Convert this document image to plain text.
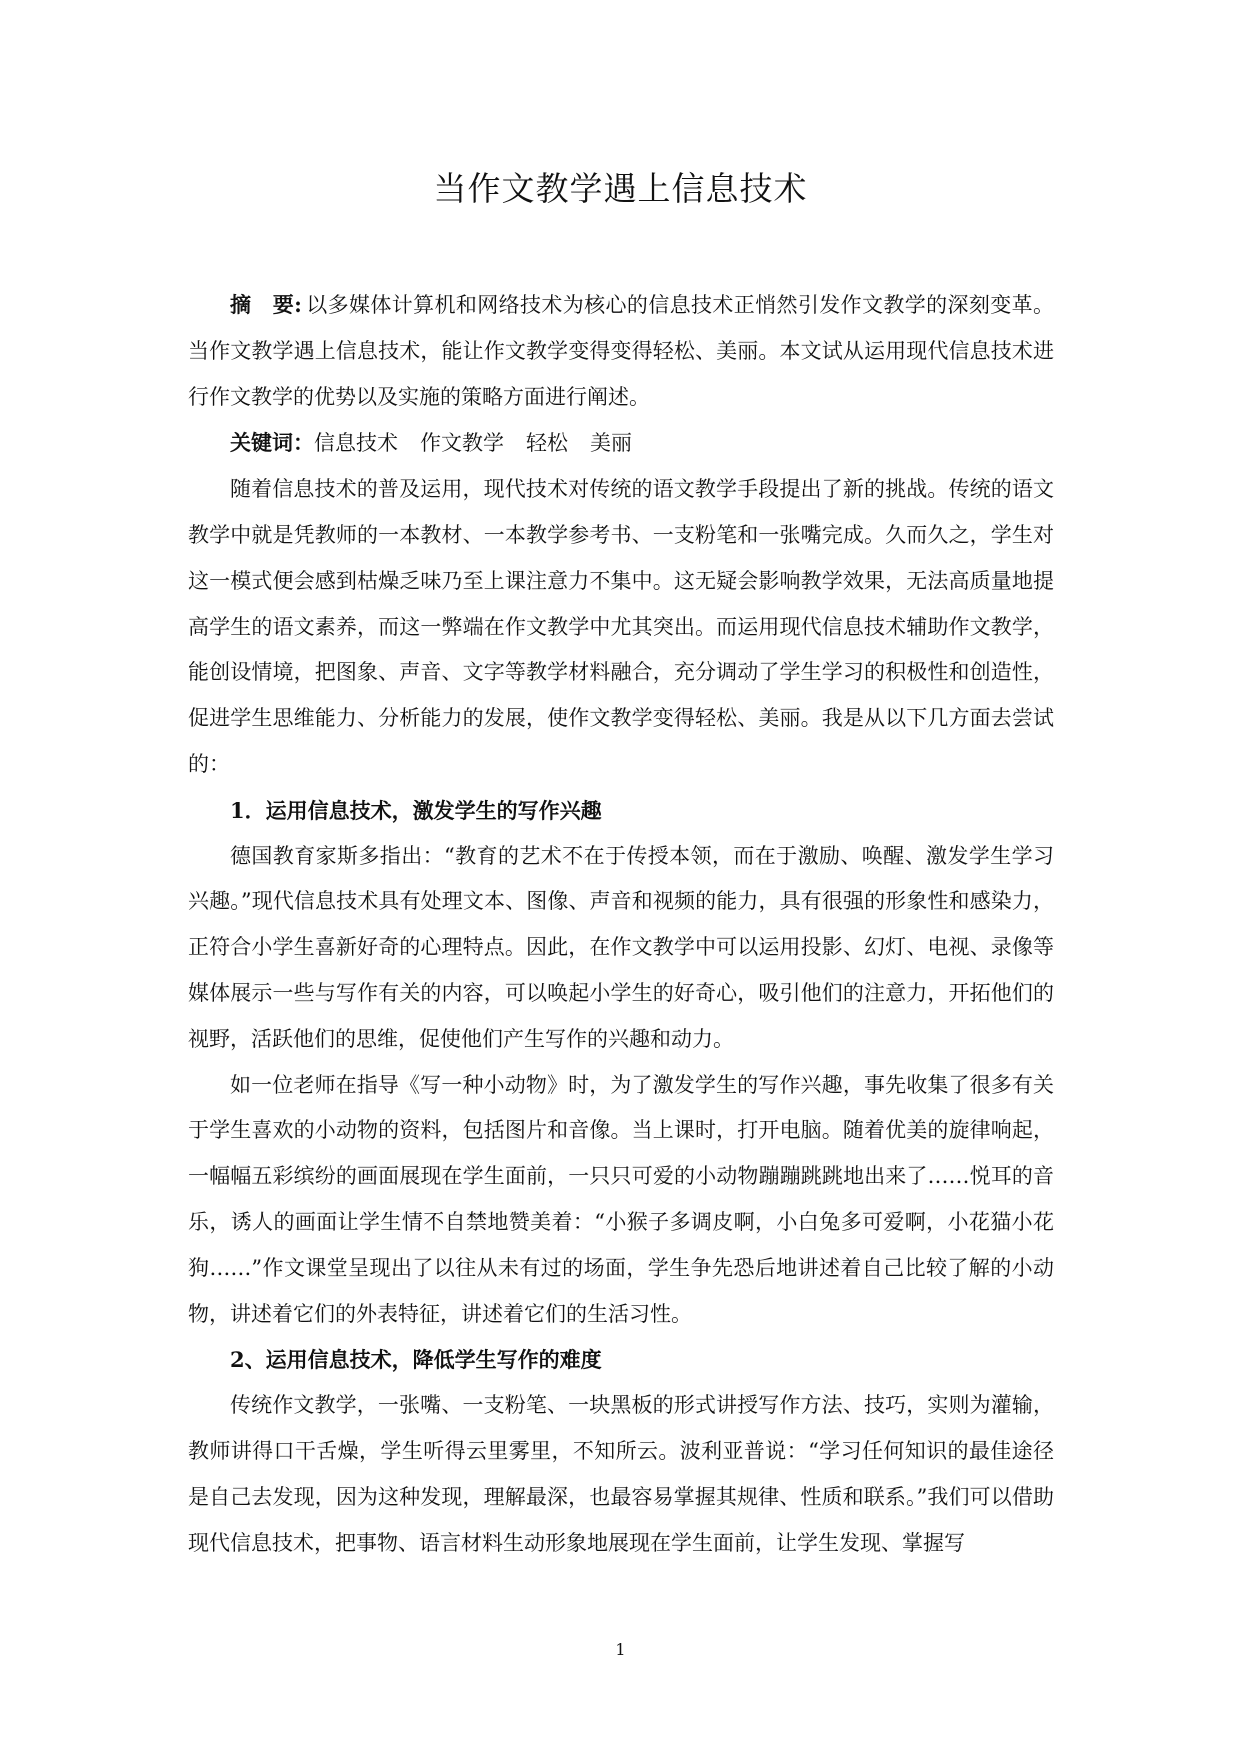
当作文教学遇上信息技术

摘　要: 以多媒体计算机和网络技术为核心的信息技术正悄然引发作文教学的深刻变革。当作文教学遇上信息技术，能让作文教学变得变得轻松、美丽。本文试从运用现代信息技术进行作文教学的优势以及实施的策略方面进行阐述。

关键词：信息技术 作文教学 轻松 美丽

随着信息技术的普及运用，现代技术对传统的语文教学手段提出了新的挑战。传统的语文教学中就是凭教师的一本教材、一本教学参考书、一支粉笔和一张嘴完成。久而久之，学生对这一模式便会感到枯燥乏味乃至上课注意力不集中。这无疑会影响教学效果，无法高质量地提高学生的语文素养，而这一弊端在作文教学中尤其突出。而运用现代信息技术辅助作文教学，能创设情境，把图象、声音、文字等教学材料融合，充分调动了学生学习的积极性和创造性，促进学生思维能力、分析能力的发展，使作文教学变得轻松、美丽。我是从以下几方面去尝试的：

1．运用信息技术，激发学生的写作兴趣

德国教育家斯多指出：“教育的艺术不在于传授本领，而在于激励、唤醒、激发学生学习兴趣。”现代信息技术具有处理文本、图像、声音和视频的能力，具有很强的形象性和感染力，正符合小学生喜新好奇的心理特点。因此，在作文教学中可以运用投影、幻灯、电视、录像等媒体展示一些与写作有关的内容，可以唤起小学生的好奇心，吸引他们的注意力，开拓他们的视野，活跃他们的思维，促使他们产生写作的兴趣和动力。

如一位老师在指导《写一种小动物》时，为了激发学生的写作兴趣，事先收集了很多有关于学生喜欢的小动物的资料，包括图片和音像。当上课时，打开电脑。随着优美的旋律响起，一幅幅五彩缤纷的画面展现在学生面前，一只只可爱的小动物蹦蹦跳跳地出来了……悦耳的音乐，诱人的画面让学生情不自禁地赞美着：“小猴子多调皮啊，小白兔多可爱啊，小花猫小花狗……”作文课堂呈现出了以往从未有过的场面，学生争先恐后地讲述着自己比较了解的小动物，讲述着它们的外表特征，讲述着它们的生活习性。

2、运用信息技术，降低学生写作的难度

传统作文教学，一张嘴、一支粉笔、一块黑板的形式讲授写作方法、技巧，实则为灌输，教师讲得口干舌燥，学生听得云里雾里，不知所云。波利亚普说：“学习任何知识的最佳途径是自己去发现，因为这种发现，理解最深，也最容易掌握其规律、性质和联系。”我们可以借助现代信息技术，把事物、语言材料生动形象地展现在学生面前，让学生发现、掌握写

1
